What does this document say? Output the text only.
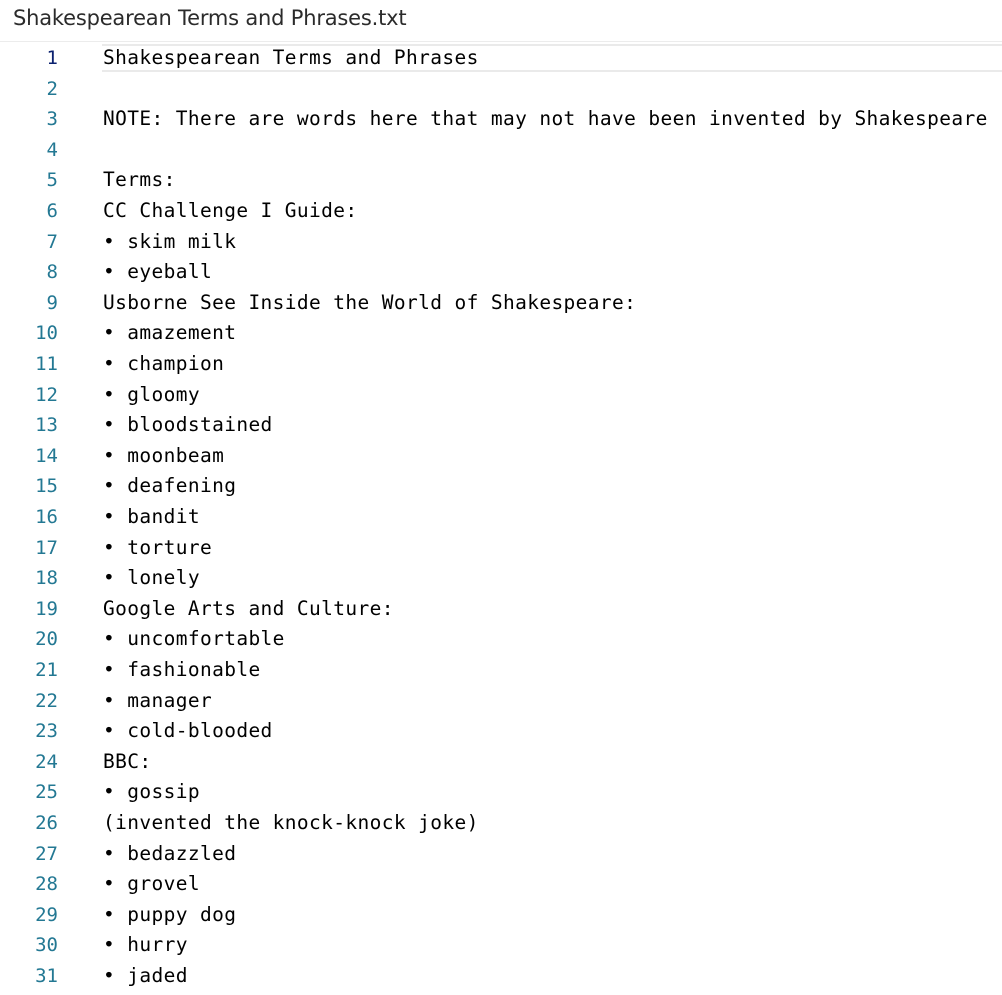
Shakespearean Terms and Phrases.txt
1 Shakespearean Terms and Phrases
2
3 NOTE: There are words here that may not have been invented by Shakespeare
4
5 Terms:
6 CC Challenge I Guide:
7 • skim milk
8 • eyeball
9 Usborne See Inside the World of Shakespeare:
10 • amazement
11 • champion
12 • gloomy
13 • bloodstained
14 • moonbeam
15 • deafening
16 • bandit
17 • torture
18 • lonely
19 Google Arts and Culture:
20 • uncomfortable
21 • fashionable
22 • manager
23 • cold-blooded
24 BBC:
25 • gossip
26 (invented the knock-knock joke)
27 • bedazzled
28 • grovel
29 • puppy dog
30 • hurry
31 • jaded
